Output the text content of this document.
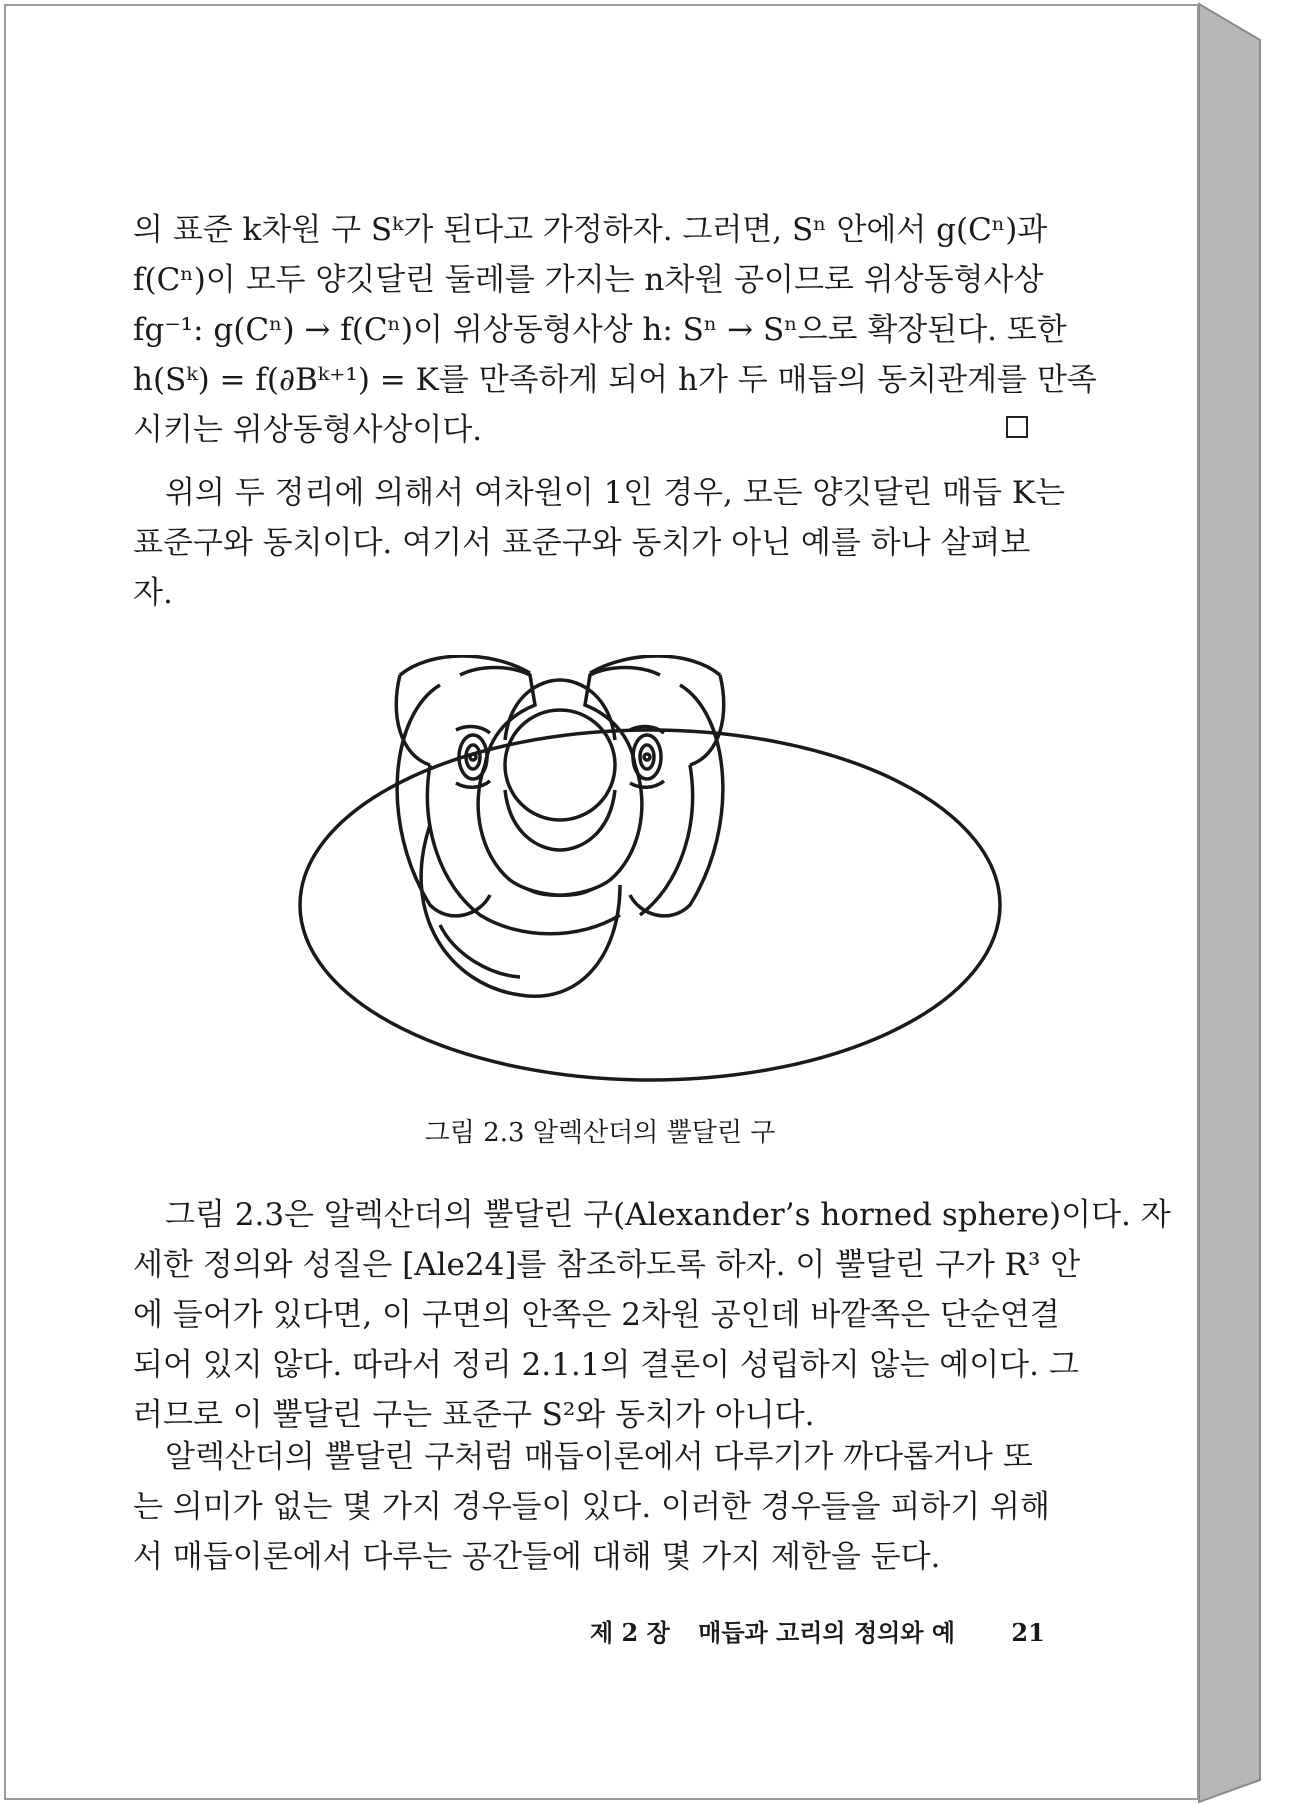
의 표준 k차원 구 Sᵏ가 된다고 가정하자. 그러면, Sⁿ 안에서 g(Cⁿ)과
f(Cⁿ)이 모두 양깃달린 둘레를 가지는 n차원 공이므로 위상동형사상
fg⁻¹: g(Cⁿ) → f(Cⁿ)이 위상동형사상 h: Sⁿ → Sⁿ으로 확장된다. 또한
h(Sᵏ) = f(∂Bᵏ⁺¹) = K를 만족하게 되어 h가 두 매듭의 동치관계를 만족
시키는 위상동형사상이다.
위의 두 정리에 의해서 여차원이 1인 경우, 모든 양깃달린 매듭 K는
표준구와 동치이다. 여기서 표준구와 동치가 아닌 예를 하나 살펴보
자.
그림 2.3 알렉산더의 뿔달린 구
그림 2.3은 알렉산더의 뿔달린 구(Alexander’s horned sphere)이다. 자
세한 정의와 성질은 [Ale24]를 참조하도록 하자. 이 뿔달린 구가 R³ 안
에 들어가 있다면, 이 구면의 안쪽은 2차원 공인데 바깥쪽은 단순연결
되어 있지 않다. 따라서 정리 2.1.1의 결론이 성립하지 않는 예이다. 그
러므로 이 뿔달린 구는 표준구 S²와 동치가 아니다.
알렉산더의 뿔달린 구처럼 매듭이론에서 다루기가 까다롭거나 또
는 의미가 없는 몇 가지 경우들이 있다. 이러한 경우들을 피하기 위해
서 매듭이론에서 다루는 공간들에 대해 몇 가지 제한을 둔다.
제 2 장 매듭과 고리의 정의와 예 21
